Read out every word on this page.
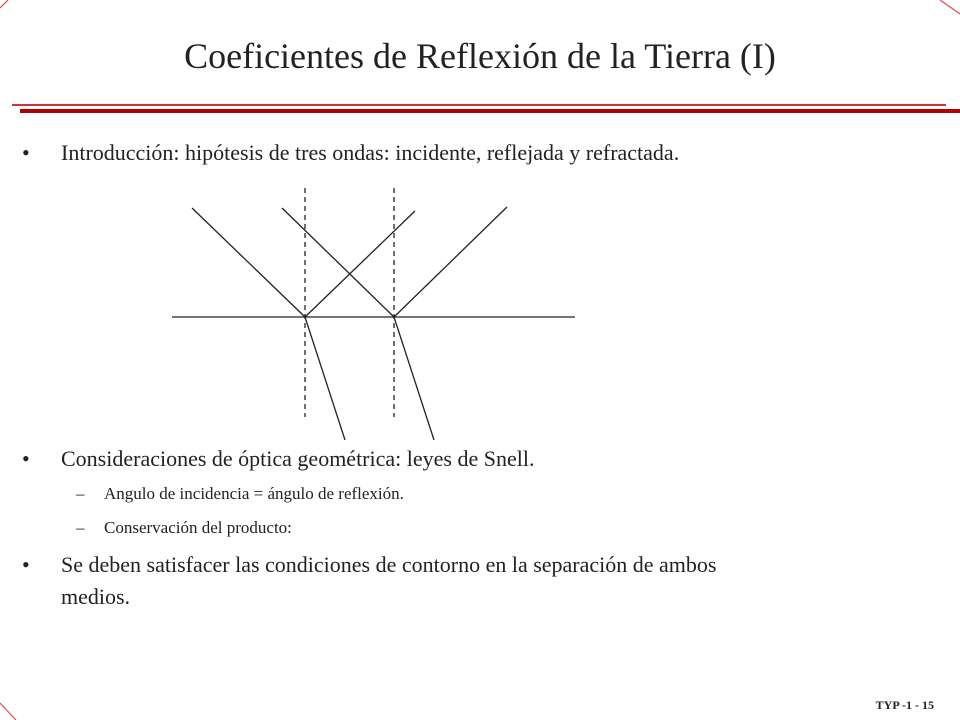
Coeficientes de Reflexión de la Tierra (I)
• Introducción: hipótesis de tres ondas: incidente, reflejada y refractada.
• Consideraciones de óptica geométrica: leyes de Snell.
– Angulo de incidencia = ángulo de reflexión.
– Conservación del producto:
• Se deben satisfacer las condiciones de contorno en la separación de ambos
medios.
TYP -1 - 15
